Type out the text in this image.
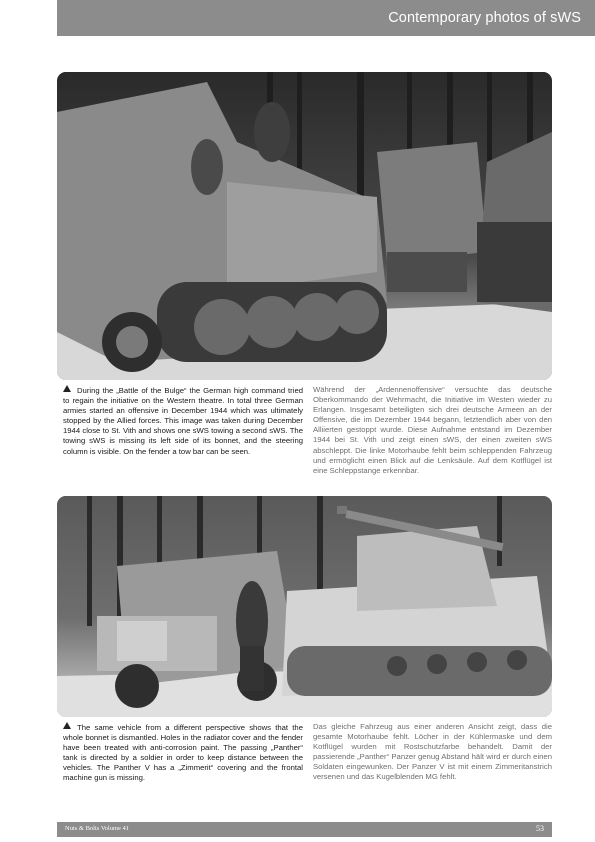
Contemporary photos of sWS
During the „Battle of the Bulge“ the German high command tried to regain the initiative on the Western theatre. In total three German armies started an offensive in December 1944 which was ultimately stopped by the Allied forces. This image was taken during December 1944 close to St. Vith and shows one sWS towing a second sWS. The towing sWS is missing its left side of its bonnet, and the steering column is visible. On the fender a tow bar can be seen.
Während der „Ardennenoffensive“ versuchte das deutsche Oberkommando der Wehrmacht, die Initiative im Westen wieder zu Erlangen. Insgesamt beteiligten sich drei deutsche Armeen an der Offensive, die im Dezember 1944 begann, letztendlich aber von den Alliierten gestoppt wurde. Diese Aufnahme entstand im Dezember 1944 bei St. Vith und zeigt einen sWS, der einen zweiten sWS abschleppt. Die linke Motorhaube fehlt beim schleppenden Fahrzeug und ermöglicht einen Blick auf die Lenksäule. Auf dem Kotflügel ist eine Schleppstange erkennbar.
The same vehicle from a different perspective shows that the whole bonnet is dismantled. Holes in the radiator cover and the fender have been treated with anti-corrosion paint. The passing „Panther“ tank is directed by a soldier in order to keep distance between the vehicles. The Panther V has a „Zimmerit“ covering and the frontal machine gun is missing.
Das gleiche Fahrzeug aus einer anderen Ansicht zeigt, dass die gesamte Motorhaube fehlt. Löcher in der Kühlermaske und dem Kotflügel wurden mit Rostschutzfarbe behandelt. Damit der passierende „Panther“ Panzer genug Abstand hält wird er durch einen Soldaten eingewunken. Der Panzer V ist mit einem Zimmeritanstrich versenen und das Kugelblenden MG fehlt.
Nuts & Bolts Volume 41	53
